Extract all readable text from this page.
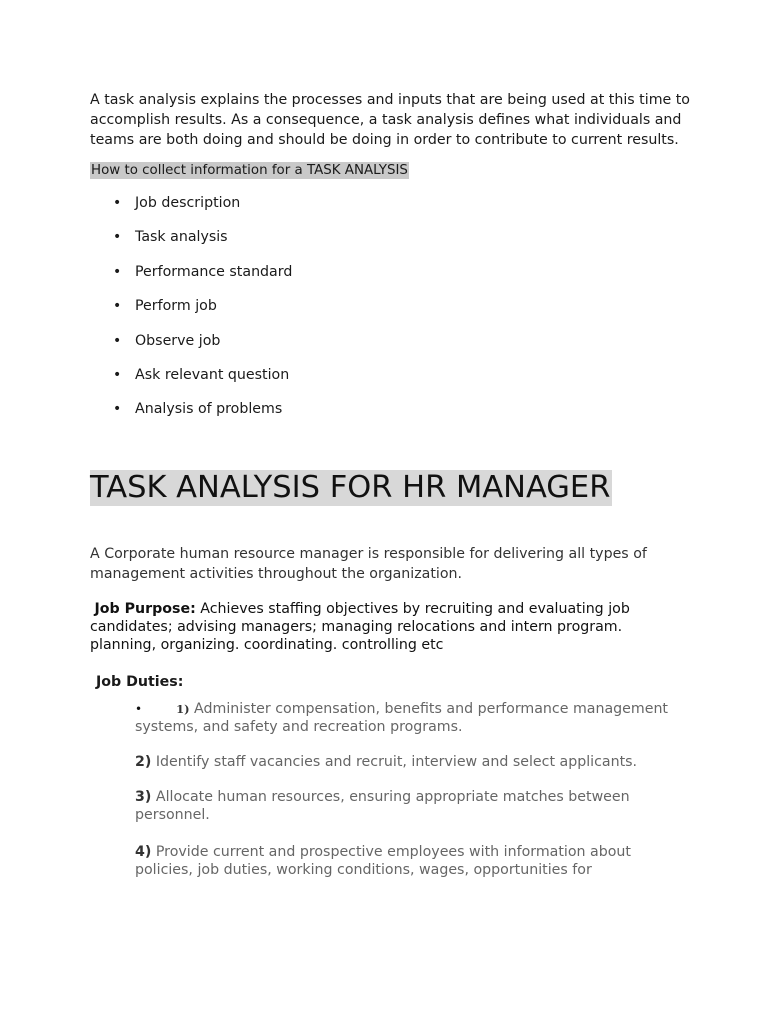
A task analysis explains the processes and inputs that are being used at this time to accomplish results. As a consequence, a task analysis defines what individuals and teams are both doing and should be doing in order to contribute to current results.

How to collect information for a TASK ANALYSIS
• Job description
• Task analysis
• Performance standard
• Perform job
• Observe job
• Ask relevant question
• Analysis of problems
TASK ANALYSIS FOR HR MANAGER
A Corporate human resource manager is responsible for delivering all types of management activities throughout the organization.
Job Purpose: Achieves staffing objectives by recruiting and evaluating job candidates; advising managers; managing relocations and intern program. planning, organizing. coordinating. controlling etc
Job Duties:
•	1) Administer compensation, benefits and performance management systems, and safety and recreation programs.
2) Identify staff vacancies and recruit, interview and select applicants.
3) Allocate human resources, ensuring appropriate matches between personnel.
4) Provide current and prospective employees with information about policies, job duties, working conditions, wages, opportunities for
